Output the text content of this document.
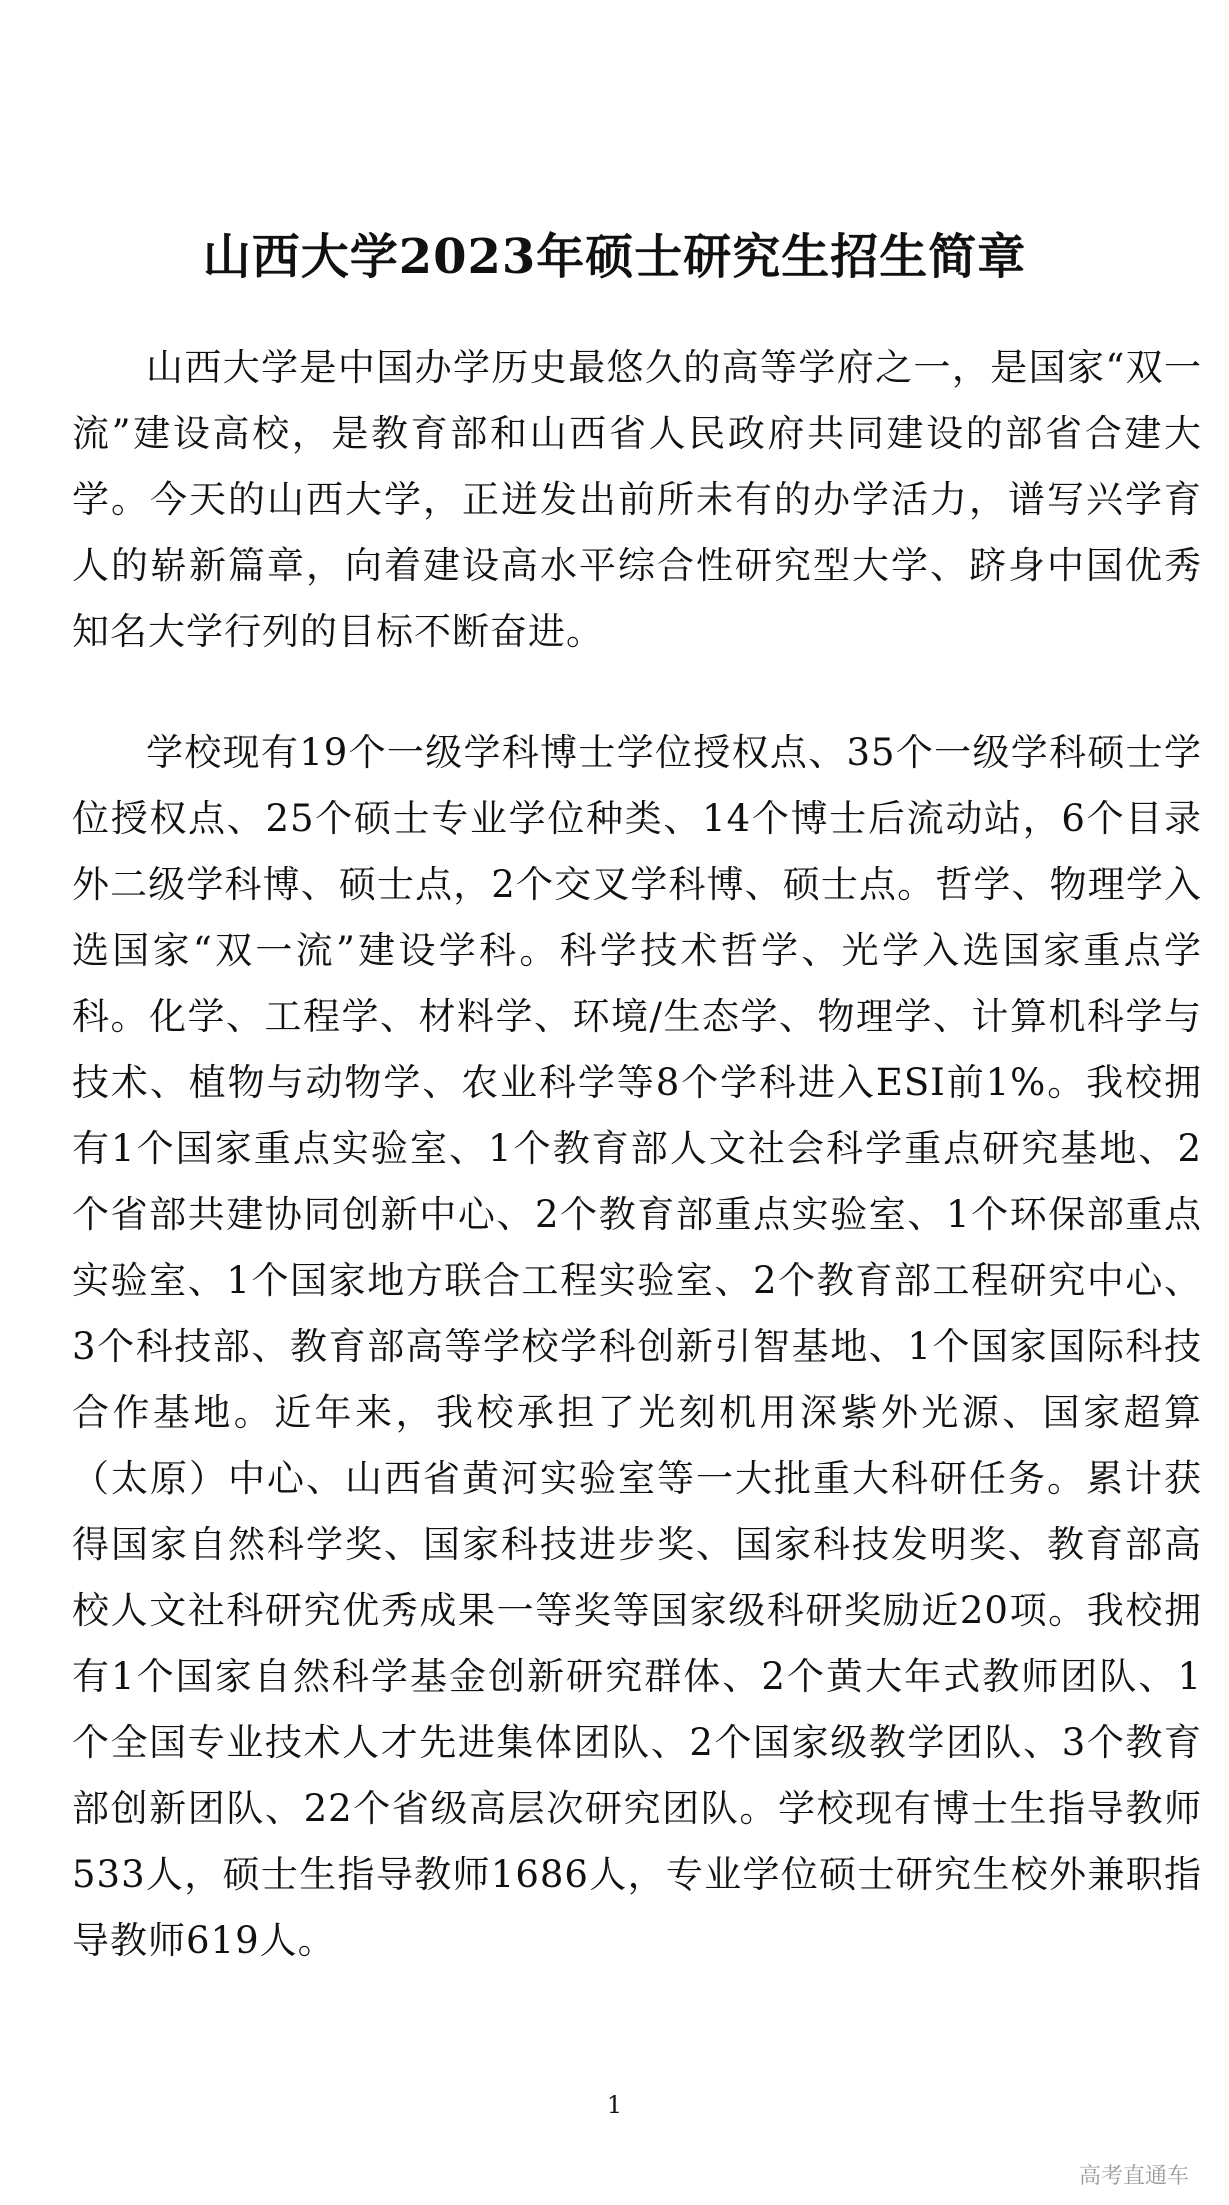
山西大学2023年硕士研究生招生简章

山西大学是中国办学历史最悠久的高等学府之一，是国家“双一流”建设高校，是教育部和山西省人民政府共同建设的部省合建大学。今天的山西大学，正迸发出前所未有的办学活力，谱写兴学育人的崭新篇章，向着建设高水平综合性研究型大学、跻身中国优秀知名大学行列的目标不断奋进。

学校现有19个一级学科博士学位授权点、35个一级学科硕士学位授权点、25个硕士专业学位种类、14个博士后流动站，6个目录外二级学科博、硕士点，2个交叉学科博、硕士点。哲学、物理学入选国家“双一流”建设学科。科学技术哲学、光学入选国家重点学科。化学、工程学、材料学、环境/生态学、物理学、计算机科学与技术、植物与动物学、农业科学等8个学科进入ESI前1%。我校拥有1个国家重点实验室、1个教育部人文社会科学重点研究基地、2个省部共建协同创新中心、2个教育部重点实验室、1个环保部重点实验室、1个国家地方联合工程实验室、2个教育部工程研究中心、3个科技部、教育部高等学校学科创新引智基地、1个国家国际科技合作基地。近年来，我校承担了光刻机用深紫外光源、国家超算（太原）中心、山西省黄河实验室等一大批重大科研任务。累计获得国家自然科学奖、国家科技进步奖、国家科技发明奖、教育部高校人文社科研究优秀成果一等奖等国家级科研奖励近20项。我校拥有1个国家自然科学基金创新研究群体、2个黄大年式教师团队、1个全国专业技术人才先进集体团队、2个国家级教学团队、3个教育部创新团队、22个省级高层次研究团队。学校现有博士生指导教师533人，硕士生指导教师1686人，专业学位硕士研究生校外兼职指导教师619人。

1
高考直通车
